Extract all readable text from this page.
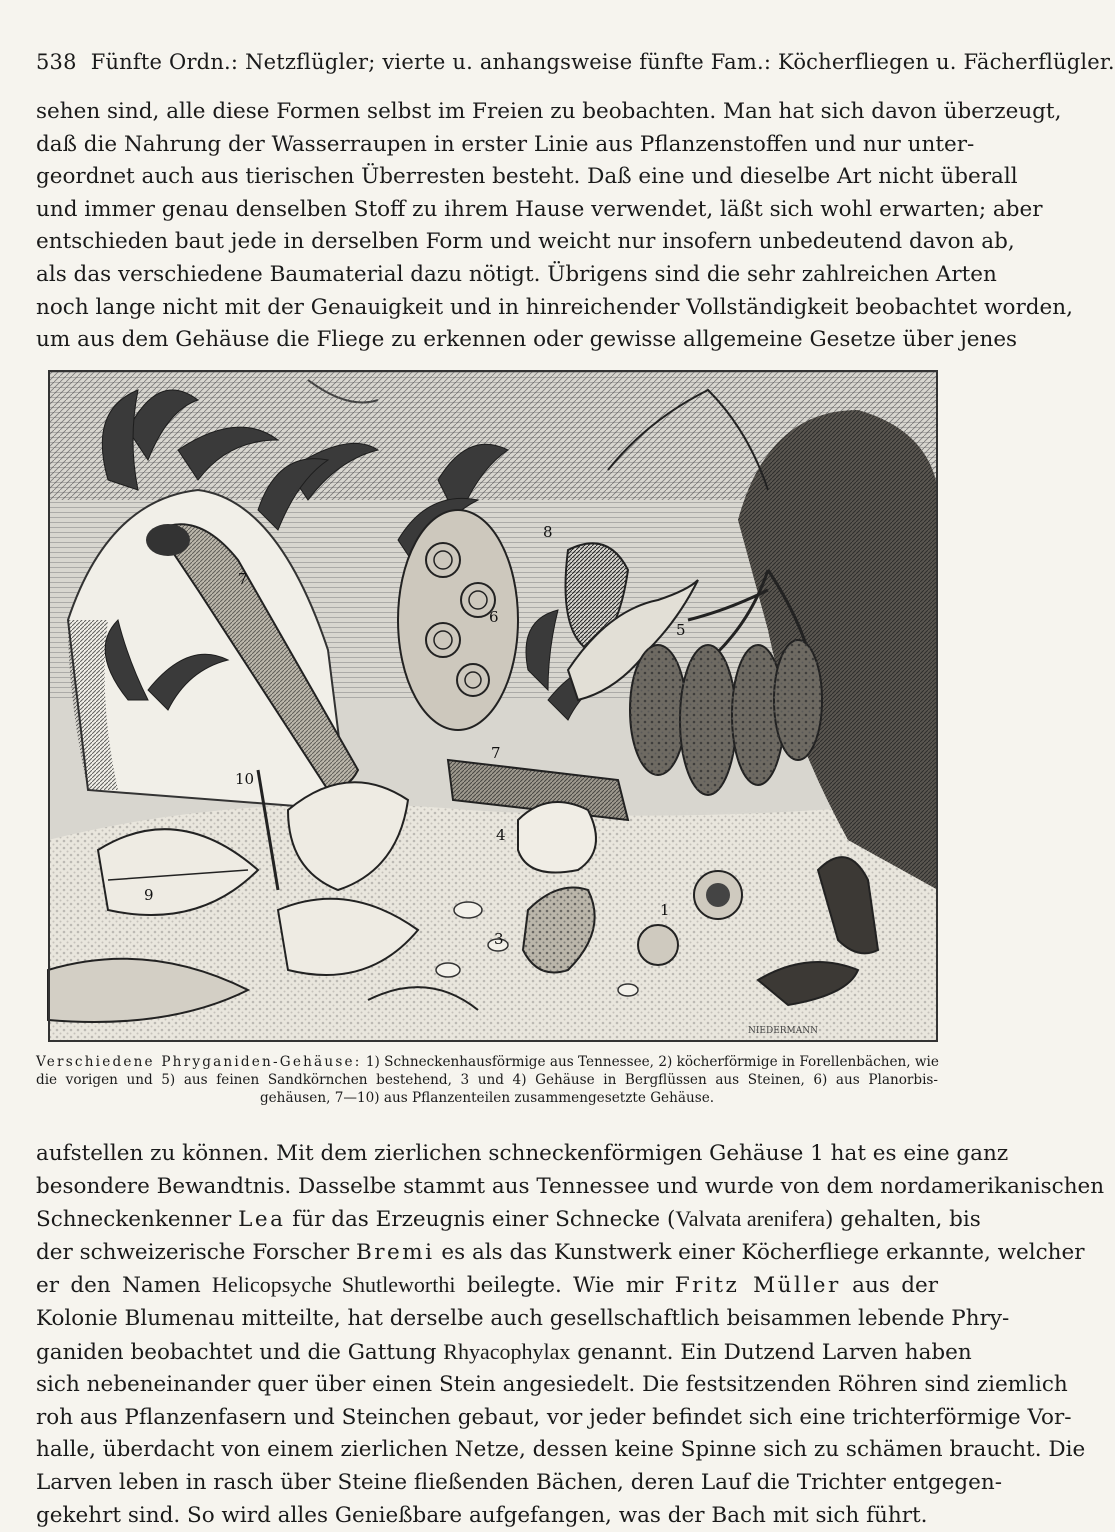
538 Fünfte Ordn.: Netzflügler; vierte u. anhangsweise fünfte Fam.: Köcherfliegen u. Fächerflügler.
sehen sind, alle diese Formen selbst im Freien zu beobachten. Man hat sich davon überzeugt,
daß die Nahrung der Wasserraupen in erster Linie aus Pflanzenstoffen und nur unter-
geordnet auch aus tierischen Überresten besteht. Daß eine und dieselbe Art nicht überall
und immer genau denselben Stoff zu ihrem Hause verwendet, läßt sich wohl erwarten; aber
entschieden baut jede in derselben Form und weicht nur insofern unbedeutend davon ab,
als das verschiedene Baumaterial dazu nötigt. Übrigens sind die sehr zahlreichen Arten
noch lange nicht mit der Genauigkeit und in hinreichender Vollständigkeit beobachtet worden,
um aus dem Gehäuse die Fliege zu erkennen oder gewisse allgemeine Gesetze über jenes
1
3
4
5
6
7
7
8
9
10
NIEDERMANN
Verschiedene Phryganiden-Gehäuse: 1) Schneckenhausförmige aus Tennessee, 2) köcherförmige in Forellenbächen, wie
die vorigen und 5) aus feinen Sandkörnchen bestehend, 3 und 4) Gehäuse in Bergflüssen aus Steinen, 6) aus Planorbis-
gehäusen, 7—10) aus Pflanzenteilen zusammengesetzte Gehäuse.
aufstellen zu können. Mit dem zierlichen schneckenförmigen Gehäuse 1 hat es eine ganz
besondere Bewandtnis. Dasselbe stammt aus Tennessee und wurde von dem nordamerikanischen
Schneckenkenner Lea für das Erzeugnis einer Schnecke (Valvata arenifera) gehalten, bis
der schweizerische Forscher Bremi es als das Kunstwerk einer Köcherfliege erkannte, welcher
er den Namen Helicopsyche Shutleworthi beilegte. Wie mir Fritz Müller aus der
Kolonie Blumenau mitteilte, hat derselbe auch gesellschaftlich beisammen lebende Phry-
ganiden beobachtet und die Gattung Rhyacophylax genannt. Ein Dutzend Larven haben
sich nebeneinander quer über einen Stein angesiedelt. Die festsitzenden Röhren sind ziemlich
roh aus Pflanzenfasern und Steinchen gebaut, vor jeder befindet sich eine trichterförmige Vor-
halle, überdacht von einem zierlichen Netze, dessen keine Spinne sich zu schämen braucht. Die
Larven leben in rasch über Steine fließenden Bächen, deren Lauf die Trichter entgegen-
gekehrt sind. So wird alles Genießbare aufgefangen, was der Bach mit sich führt.
